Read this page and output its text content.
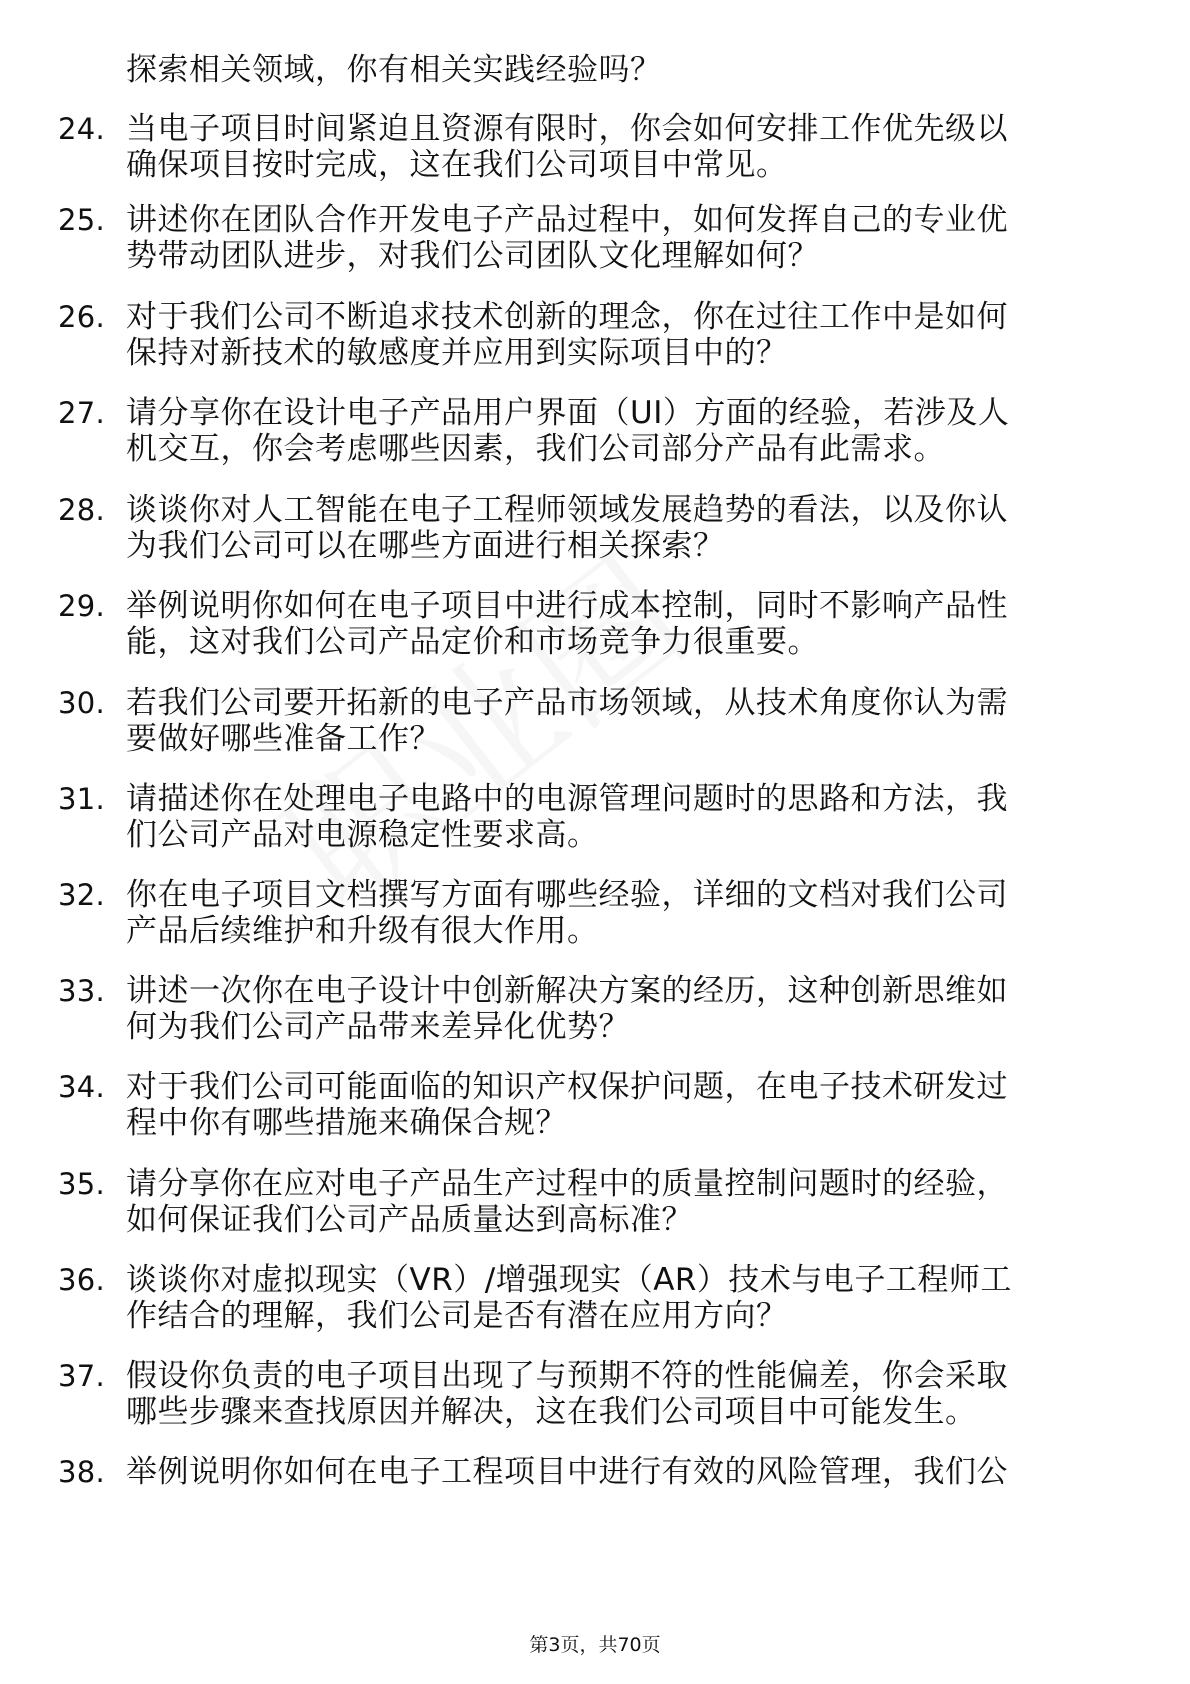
探索相关领域，你有相关实践经验吗？
24. 当电子项目时间紧迫且资源有限时，你会如何安排工作优先级以
确保项目按时完成，这在我们公司项目中常见。
25. 讲述你在团队合作开发电子产品过程中，如何发挥自己的专业优
势带动团队进步，对我们公司团队文化理解如何？
26. 对于我们公司不断追求技术创新的理念，你在过往工作中是如何
保持对新技术的敏感度并应用到实际项目中的？
27. 请分享你在设计电子产品用户界面（UI）方面的经验，若涉及人
机交互，你会考虑哪些因素，我们公司部分产品有此需求。
28. 谈谈你对人工智能在电子工程师领域发展趋势的看法，以及你认
为我们公司可以在哪些方面进行相关探索？
29. 举例说明你如何在电子项目中进行成本控制，同时不影响产品性
能，这对我们公司产品定价和市场竞争力很重要。
30. 若我们公司要开拓新的电子产品市场领域，从技术角度你认为需
要做好哪些准备工作？
31. 请描述你在处理电子电路中的电源管理问题时的思路和方法，我
们公司产品对电源稳定性要求高。
32. 你在电子项目文档撰写方面有哪些经验，详细的文档对我们公司
产品后续维护和升级有很大作用。
33. 讲述一次你在电子设计中创新解决方案的经历，这种创新思维如
何为我们公司产品带来差异化优势？
34. 对于我们公司可能面临的知识产权保护问题，在电子技术研发过
程中你有哪些措施来确保合规？
35. 请分享你在应对电子产品生产过程中的质量控制问题时的经验，
如何保证我们公司产品质量达到高标准？
36. 谈谈你对虚拟现实（VR）/增强现实（AR）技术与电子工程师工
作结合的理解，我们公司是否有潜在应用方向？
37. 假设你负责的电子项目出现了与预期不符的性能偏差，你会采取
哪些步骤来查找原因并解决，这在我们公司项目中可能发生。
38. 举例说明你如何在电子工程项目中进行有效的风险管理，我们公
第3页，共70页
